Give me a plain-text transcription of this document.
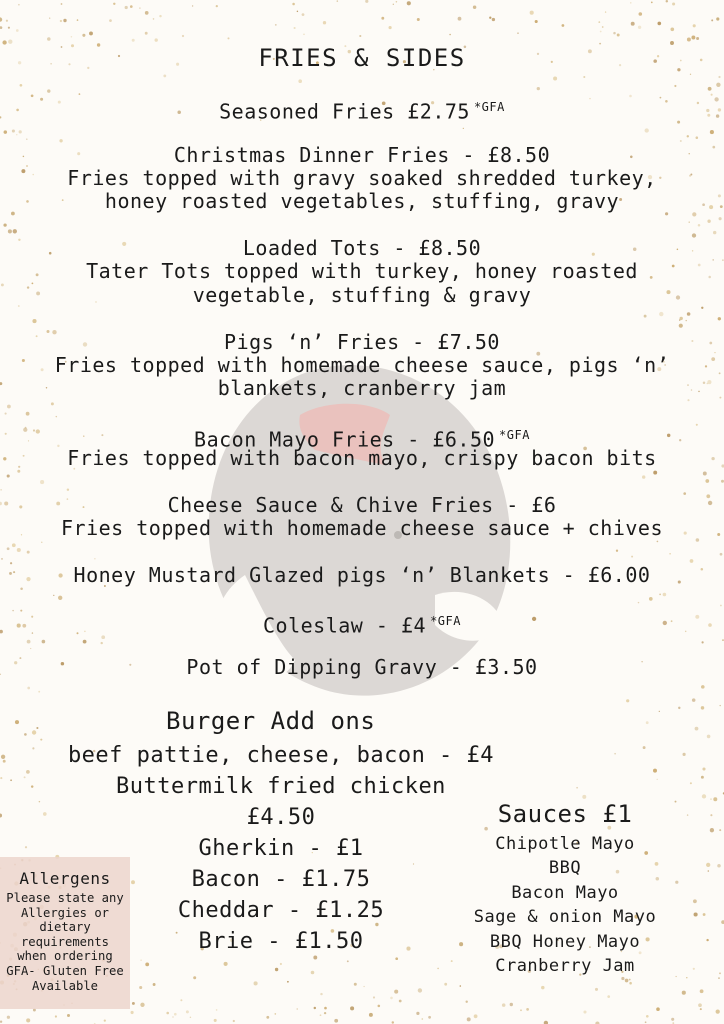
FRIES & SIDES
Seasoned Fries £2.75 $^{*GFA}$
Christmas Dinner Fries - £8.50
Fries topped with gravy soaked shredded turkey,
honey roasted vegetables, stuffing, gravy
Loaded Tots - £8.50
Tater Tots topped with turkey, honey roasted
vegetable, stuffing & gravy
Pigs ‘n’ Fries - £7.50
Fries topped with homemade cheese sauce, pigs ‘n’
blankets, cranberry jam
Bacon Mayo Fries - £6.50 $^{*GFA}$
Fries topped with bacon mayo, crispy bacon bits
Cheese Sauce & Chive Fries - £6
Fries topped with homemade cheese sauce + chives
Honey Mustard Glazed pigs ‘n’ Blankets - £6.00
Coleslaw - £4 $^{*GFA}$
Pot of Dipping Gravy - £3.50
Burger Add ons
beef pattie, cheese, bacon - £4
Buttermilk fried chicken
£4.50
Gherkin - £1
Bacon - £1.75
Cheddar - £1.25
Brie - £1.50
Sauces £1
Chipotle Mayo
BBQ
Bacon Mayo
Sage & onion Mayo
BBQ Honey Mayo
Cranberry Jam
Allergens
Please state any
Allergies or
dietary
requirements
when ordering
GFA- Gluten Free
Available
